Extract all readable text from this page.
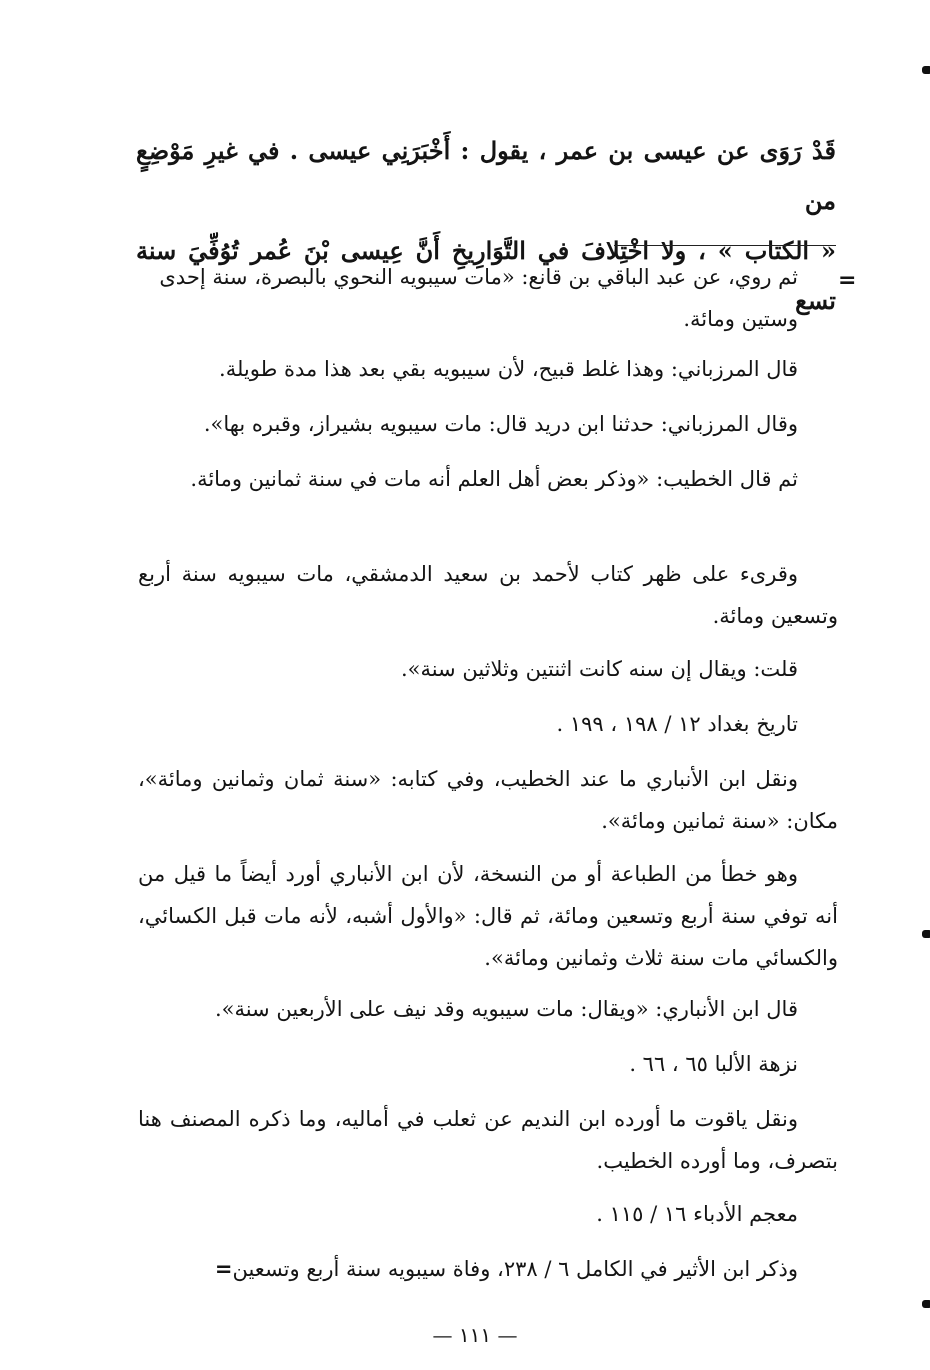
قَدْ رَوَى عن عيسى بن عمر ، يقول : أَخْبَرَنِي عيسى . في غيرِ مَوْضِعٍ من

« الكتاب » ، ولا اخْتِلافَ في التَّوَارِيخِ أَنَّ عِيسى بْنَ عُمر تُوُفِّيَ سنة تسع

=

ثم روي، عن عبد الباقي بن قانع: «مات سيبويه النحوي بالبصرة، سنة إحدى وستين ومائة.

قال المرزباني: وهذا غلط قبيح، لأن سيبويه بقي بعد هذا مدة طويلة.

وقال المرزباني: حدثنا ابن دريد قال: مات سيبويه بشيراز، وقبره بها».

ثم قال الخطيب: «وذكر بعض أهل العلم أنه مات في سنة ثمانين ومائة.

وقرىء على ظهر كتاب لأحمد بن سعيد الدمشقي، مات سيبويه سنة أربع وتسعين ومائة.

قلت: ويقال إن سنه كانت اثنتين وثلاثين سنة».

تاريخ بغداد ١٢ / ١٩٨ ، ١٩٩ .

ونقل ابن الأنباري ما عند الخطيب، وفي كتابه: «سنة ثمان وثمانين ومائة»، مكان: «سنة ثمانين ومائة».

وهو خطأ من الطباعة أو من النسخة، لأن ابن الأنباري أورد أيضاً ما قيل من أنه توفي سنة أربع وتسعين ومائة، ثم قال: «والأول أشبه، لأنه مات قبل الكسائي، والكسائي مات سنة ثلاث وثمانين ومائة».

قال ابن الأنباري: «ويقال: مات سيبويه وقد نيف على الأربعين سنة».

نزهة الألبا ٦٥ ، ٦٦ .

ونقل ياقوت ما أورده ابن النديم عن ثعلب في أماليه، وما ذكره المصنف هنا بتصرف، وما أورده الخطيب.

معجم الأدباء ١٦ / ١١٥ .

وذكر ابن الأثير في الكامل ٦ / ٢٣٨، وفاة سيبويه سنة أربع وتسعين=

— ١١١ —
